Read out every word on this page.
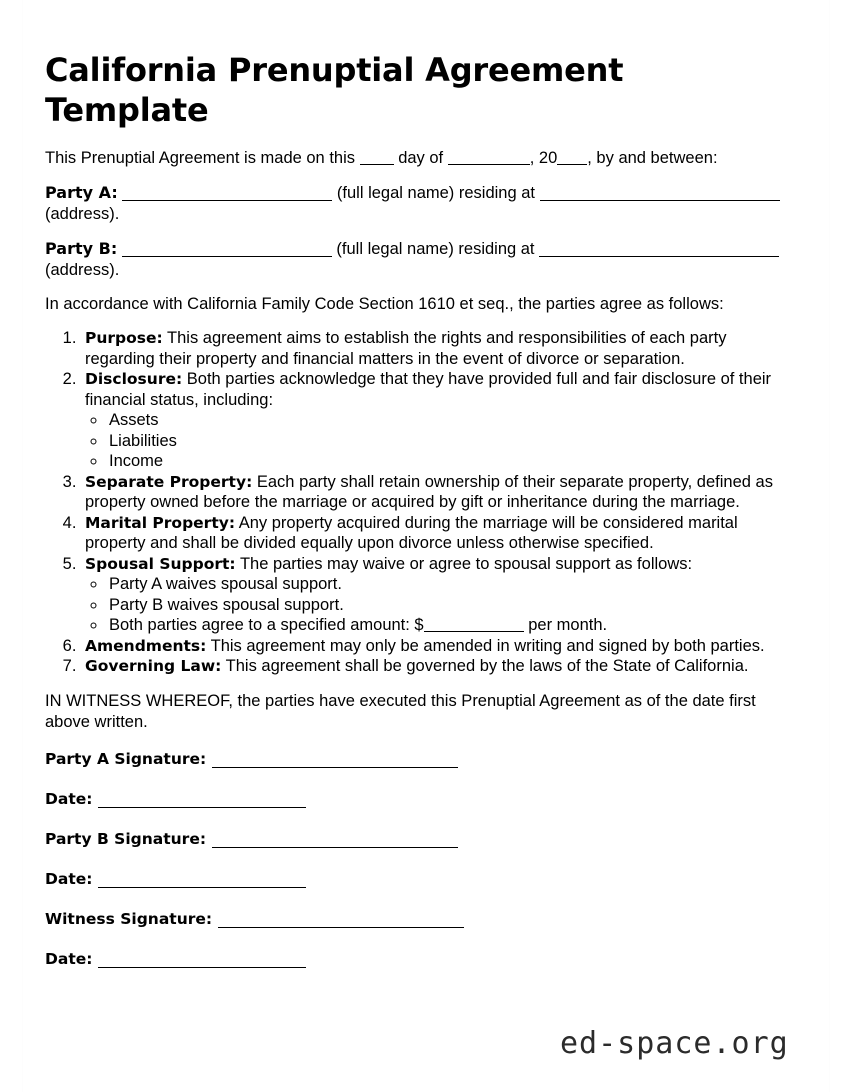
California Prenuptial Agreement Template

This Prenuptial Agreement is made on this	day of	, 20 , by and between:

Party A:	(full legal name) residing at  (address).

Party B:	(full legal name) residing at  (address).

In accordance with California Family Code Section 1610 et seq., the parties agree as follows:

1. Purpose: This agreement aims to establish the rights and responsibilities of each party regarding their property and financial matters in the event of divorce or separation.
2. Disclosure: Both parties acknowledge that they have provided full and fair disclosure of their financial status, including:
◦ Assets
◦ Liabilities
◦ Income
3. Separate Property: Each party shall retain ownership of their separate property, defined as property owned before the marriage or acquired by gift or inheritance during the marriage.
4. Marital Property: Any property acquired during the marriage will be considered marital property and shall be divided equally upon divorce unless otherwise specified.
5. Spousal Support: The parties may waive or agree to spousal support as follows:
◦ Party A waives spousal support.
◦ Party B waives spousal support.
◦ Both parties agree to a specified amount: $	per month.
6. Amendments: This agreement may only be amended in writing and signed by both parties.
7. Governing Law: This agreement shall be governed by the laws of the State of California.

IN WITNESS WHEREOF, the parties have executed this Prenuptial Agreement as of the date first above written.

Party A Signature:
Date:
Party B Signature:
Date:
Witness Signature:
Date:
ed-space.org
